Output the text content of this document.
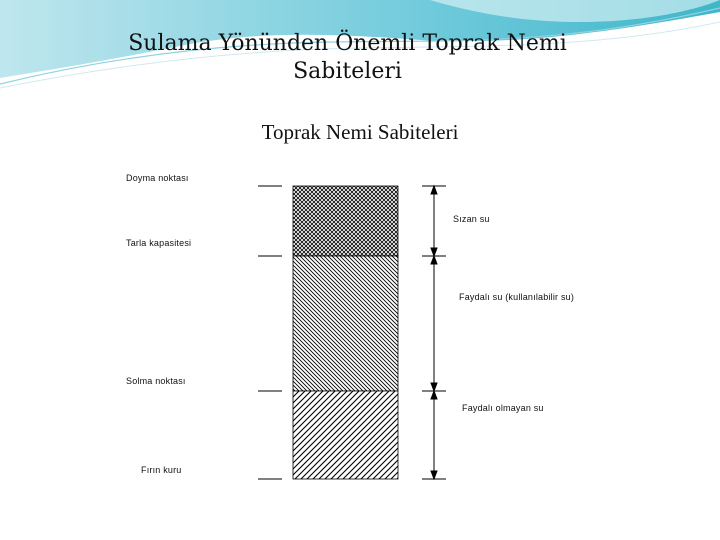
Sulama Yönünden Önemli Toprak Nemi
Sabiteleri
Toprak Nemi Sabiteleri
Doyma noktası
Tarla kapasitesi
Solma noktası
Fırın kuru
Sızan su
Faydalı su (kullanılabilir su)
Faydalı olmayan su
